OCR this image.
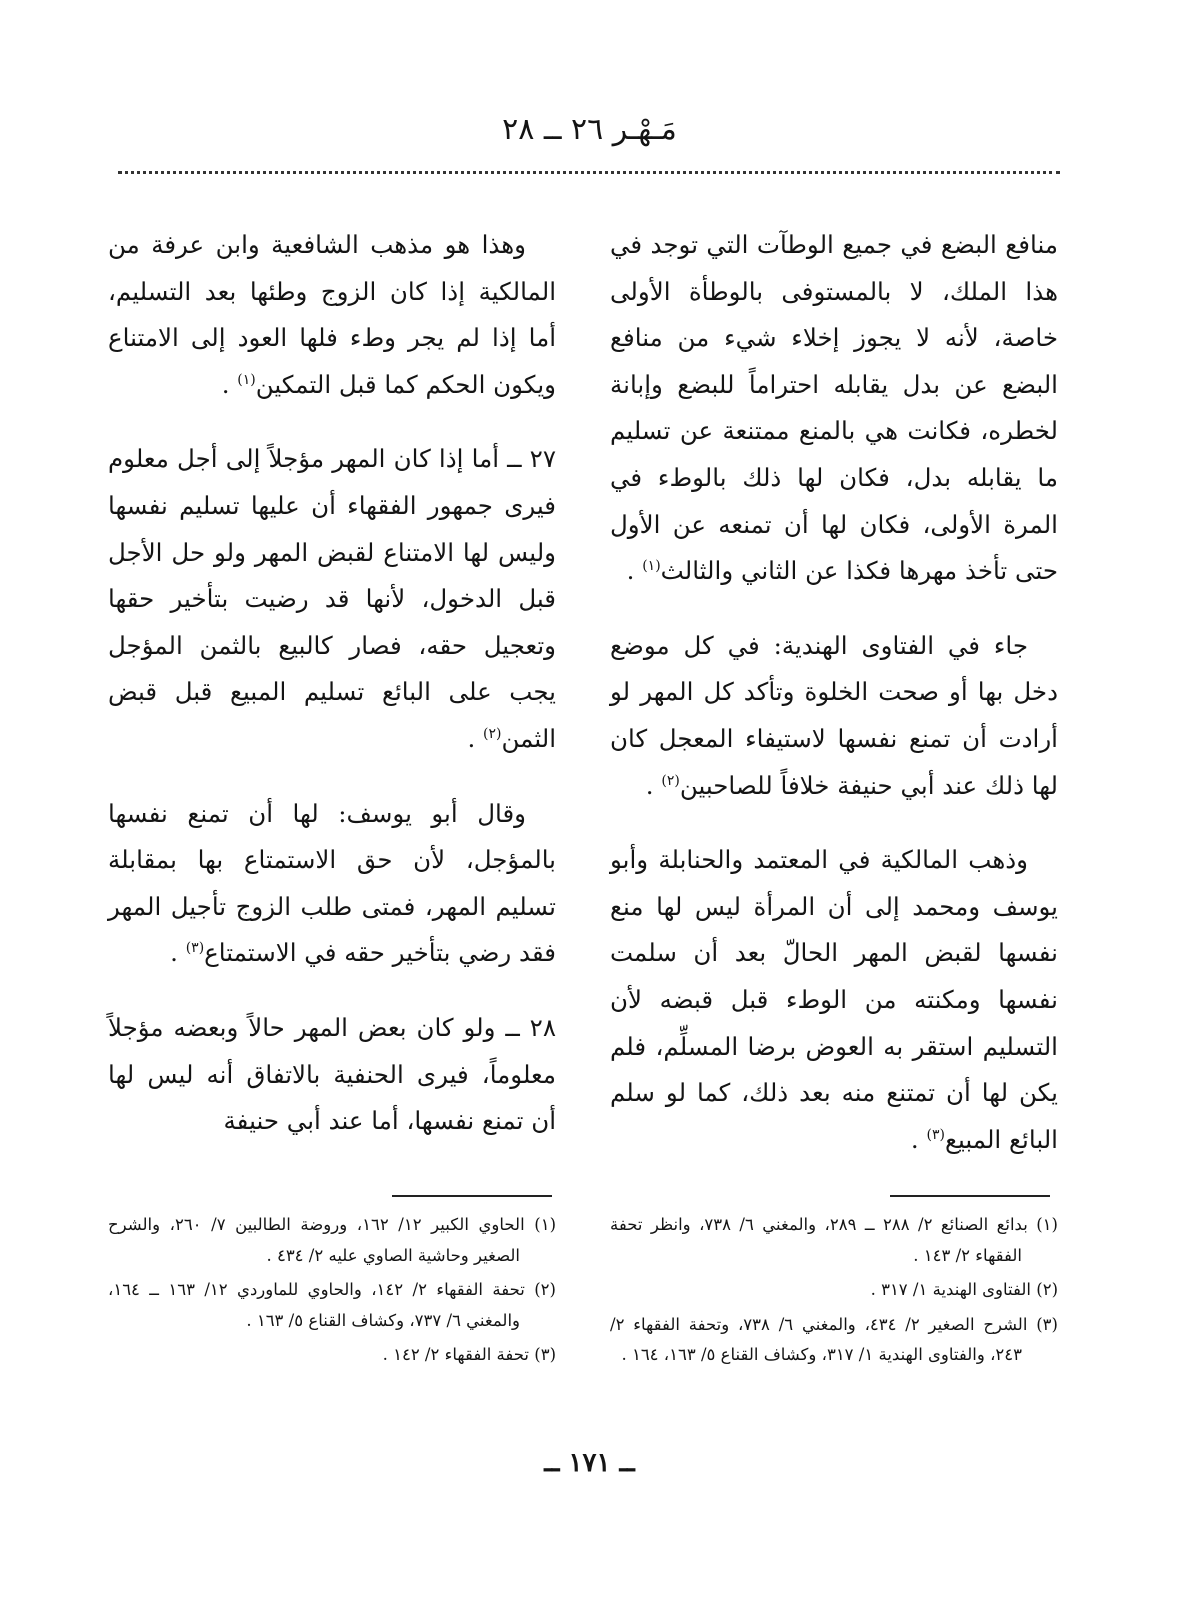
مَـهْـر ٢٦ ــ ٢٨

منافع البضع في جميع الوطآت التي توجد في هذا الملك، لا بالمستوفى بالوطأة الأولى خاصة، لأنه لا يجوز إخلاء شيء من منافع البضع عن بدل يقابله احتراماً للبضع وإبانة لخطره، فكانت هي بالمنع ممتنعة عن تسليم ما يقابله بدل، فكان لها ذلك بالوطء في المرة الأولى، فكان لها أن تمنعه عن الأول حتى تأخذ مهرها فكذا عن الثاني والثالث$^{(١)}$ .

جاء في الفتاوى الهندية: في كل موضع دخل بها أو صحت الخلوة وتأكد كل المهر لو أرادت أن تمنع نفسها لاستيفاء المعجل كان لها ذلك عند أبي حنيفة خلافاً للصاحبين$^{(٢)}$ .

وذهب المالكية في المعتمد والحنابلة وأبو يوسف ومحمد إلى أن المرأة ليس لها منع نفسها لقبض المهر الحالّ بعد أن سلمت نفسها ومكنته من الوطء قبل قبضه لأن التسليم استقر به العوض برضا المسلِّم، فلم يكن لها أن تمتنع منه بعد ذلك، كما لو سلم البائع المبيع$^{(٣)}$ .

وهذا هو مذهب الشافعية وابن عرفة من المالكية إذا كان الزوج وطئها بعد التسليم، أما إذا لم يجر وطء فلها العود إلى الامتناع ويكون الحكم كما قبل التمكين$^{(١)}$ .

٢٧ ــ أما إذا كان المهر مؤجلاً إلى أجل معلوم فيرى جمهور الفقهاء أن عليها تسليم نفسها وليس لها الامتناع لقبض المهر ولو حل الأجل قبل الدخول، لأنها قد رضيت بتأخير حقها وتعجيل حقه، فصار كالبيع بالثمن المؤجل يجب على البائع تسليم المبيع قبل قبض الثمن$^{(٢)}$ .

وقال أبو يوسف: لها أن تمنع نفسها بالمؤجل، لأن حق الاستمتاع بها بمقابلة تسليم المهر، فمتى طلب الزوج تأجيل المهر فقد رضي بتأخير حقه في الاستمتاع$^{(٣)}$ .

٢٨ ــ ولو كان بعض المهر حالاً وبعضه مؤجلاً معلوماً، فيرى الحنفية بالاتفاق أنه ليس لها أن تمنع نفسها، أما عند أبي حنيفة

(١) بدائع الصنائع ٢/ ٢٨٨ ــ ٢٨٩، والمغني ٦/ ٧٣٨، وانظر تحفة الفقهاء ٢/ ١٤٣ .

(٢) الفتاوى الهندية ١/ ٣١٧ .

(٣) الشرح الصغير ٢/ ٤٣٤، والمغني ٦/ ٧٣٨، وتحفة الفقهاء ٢/ ٢٤٣، والفتاوى الهندية ١/ ٣١٧، وكشاف القناع ٥/ ١٦٣، ١٦٤ .

(١) الحاوي الكبير ١٢/ ١٦٢، وروضة الطالبين ٧/ ٢٦٠، والشرح الصغير وحاشية الصاوي عليه ٢/ ٤٣٤ .

(٢) تحفة الفقهاء ٢/ ١٤٢، والحاوي للماوردي ١٢/ ١٦٣ ــ ١٦٤، والمغني ٦/ ٧٣٧، وكشاف القناع ٥/ ١٦٣ .

(٣) تحفة الفقهاء ٢/ ١٤٢ .

ــ ١٧١ ــ
